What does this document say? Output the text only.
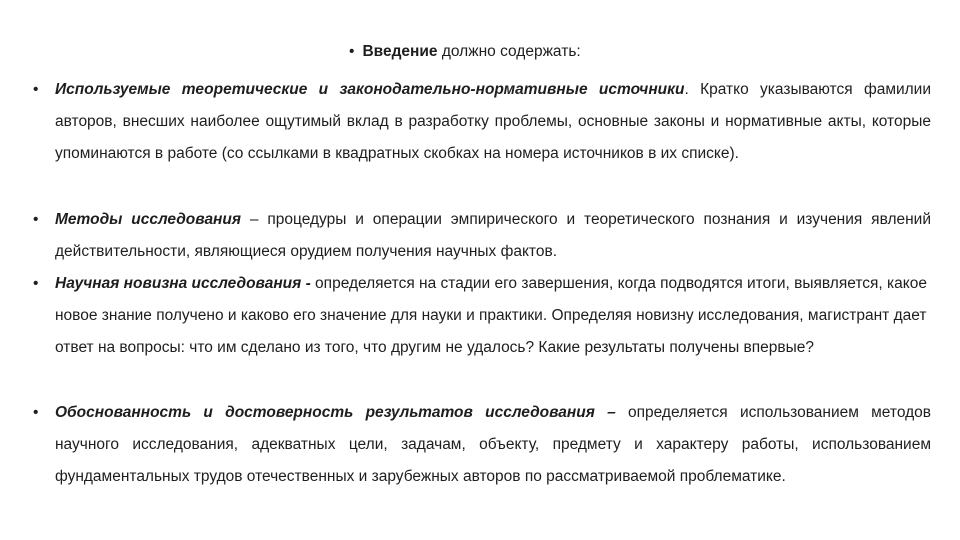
• Введение должно содержать:
• Используемые теоретические и законодательно-нормативные источники. Кратко указываются фамилии авторов, внесших наиболее ощутимый вклад в разработку проблемы, основные законы и нормативные акты, которые упоминаются в работе (со ссылками в квадратных скобках на номера источников в их списке).
• Методы исследования – процедуры и операции эмпирического и теоретического познания и изучения явлений действительности, являющиеся орудием получения научных фактов.
• Научная новизна исследования - определяется на стадии его завершения, когда подводятся итоги, выявляется, какое новое знание получено и каково его значение для науки и практики. Определяя новизну исследования, магистрант дает ответ на вопросы: что им сделано из того, что другим не удалось? Какие результаты получены впервые?
• Обоснованность и достоверность результатов исследования – определяется использованием методов научного исследования, адекватных цели, задачам, объекту, предмету и характеру работы, использованием фундаментальных трудов отечественных и зарубежных авторов по рассматриваемой проблематике.
